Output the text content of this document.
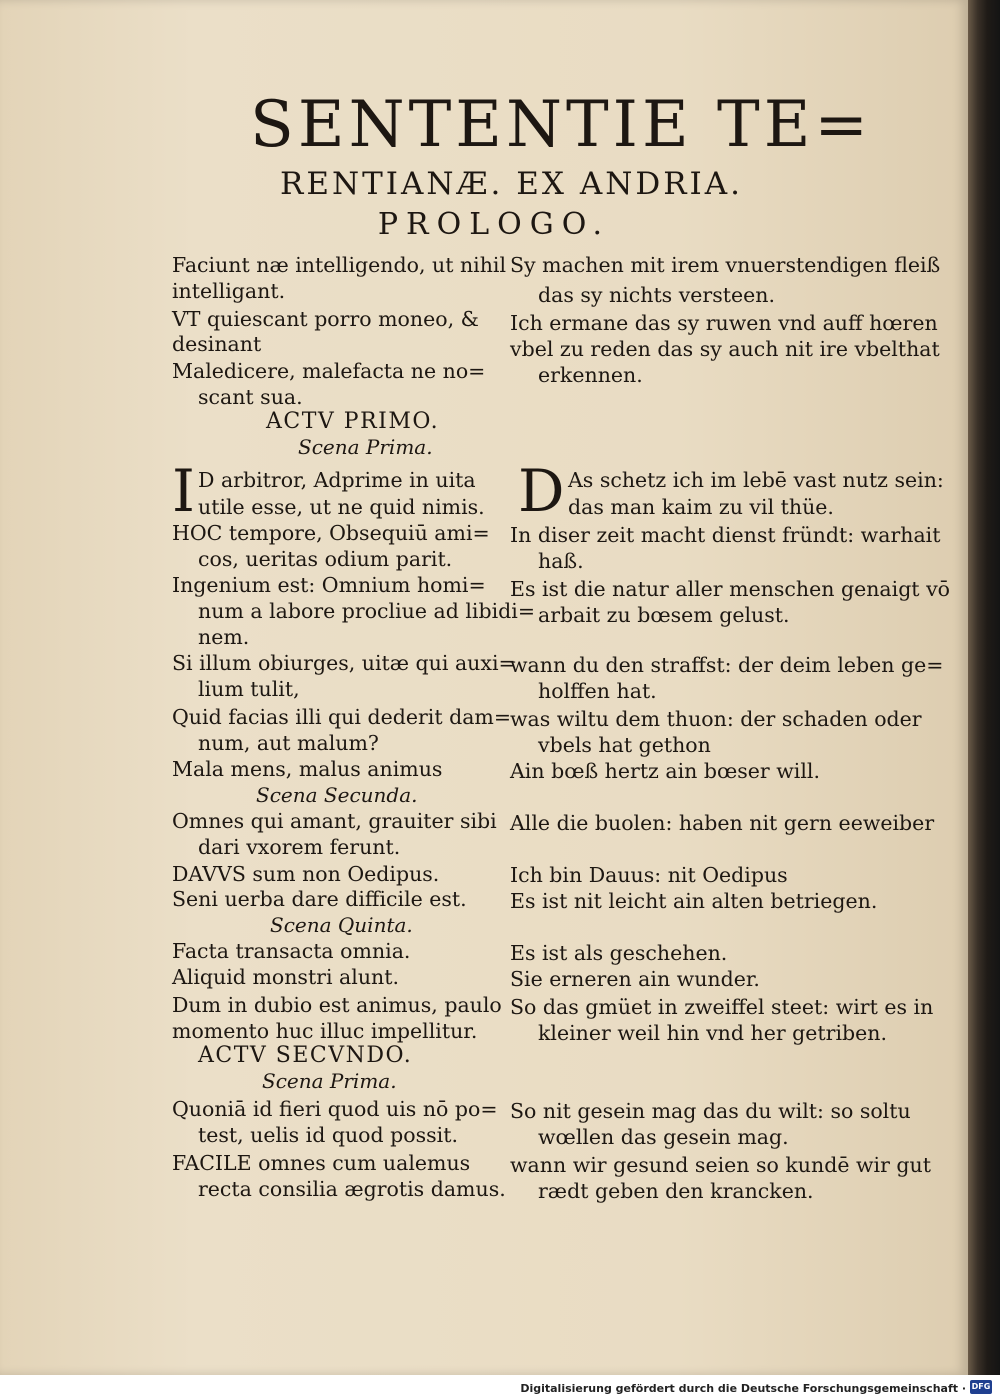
SENTENTIE TE=
RENTIANÆ. EX ANDRIA.
PROLOGO.
Faciunt næ intelligendo, ut nihil
intelligant.
VT quiescant porro moneo, &
desinant
Maledicere, malefacta ne no=
scant sua.
ACTV PRIMO.
Scena Prima.
I D arbitror, Adprime in uita
utile esse, ut ne quid nimis.
HOC tempore, Obsequiū ami=
cos, ueritas odium parit.
Ingenium est: Omnium homi=
num a labore procliue ad libidi=
nem.
Si illum obiurges, uitæ qui auxi=
lium tulit,
Quid facias illi qui dederit dam=
num, aut malum?
Mala mens, malus animus
Scena Secunda.
Omnes qui amant, grauiter sibi
dari vxorem ferunt.
DAVVS sum non Oedipus.
Seni uerba dare difficile est.
Scena Quinta.
Facta transacta omnia.
Aliquid monstri alunt.
Dum in dubio est animus, paulo
momento huc illuc impellitur.
ACTV SECVNDO.
Scena Prima.
Quoniā id fieri quod uis nō po=
test, uelis id quod possit.
FACILE omnes cum ualemus
recta consilia ægrotis damus.
Sy machen mit irem vnuerstendigen fleiß
das sy nichts versteen.
Ich ermane das sy ruwen vnd auff hœren
vbel zu reden das sy auch nit ire vbelthat
erkennen.
D As schetz ich im lebē vast nutz sein:
das man kaim zu vil thüe.
In diser zeit macht dienst fründt: warhait
haß.
Es ist die natur aller menschen genaigt vō
arbait zu bœsem gelust.
wann du den straffst: der deim leben ge=
holffen hat.
was wiltu dem thuon: der schaden oder
vbels hat gethon
Ain bœß hertz ain bœser will.
Alle die buolen: haben nit gern eeweiber
Ich bin Dauus: nit Oedipus
Es ist nit leicht ain alten betriegen.
Es ist als geschehen.
Sie erneren ain wunder.
So das gmüet in zweiffel steet: wirt es in
kleiner weil hin vnd her getriben.
So nit gesein mag das du wilt: so soltu
wœllen das gesein mag.
wann wir gesund seien so kundē wir gut
rædt geben den krancken.
Digitalisierung gefördert durch die Deutsche Forschungsgemeinschaft · DFG
